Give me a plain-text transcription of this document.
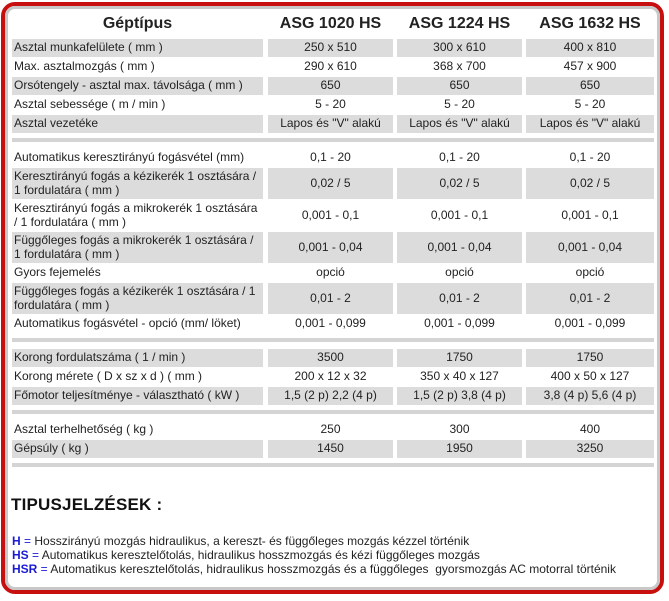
Géptípus	ASG 1020 HS	ASG 1224 HS	ASG 1632 HS
Asztal munkafelülete ( mm )	250 x 510	300 x 610	400 x 810
Max. asztalmozgás ( mm )	290 x 610	368 x 700	457 x 900
Orsótengely - asztal max. távolsága ( mm )	650	650	650
Asztal sebessége ( m / min )	5 - 20	5 - 20	5 - 20
Asztal vezetéke	Lapos és "V" alakú	Lapos és "V" alakú	Lapos és "V" alakú
Automatikus keresztirányú fogásvétel (mm)	0,1 - 20	0,1 - 20	0,1 - 20
Keresztirányú fogás a kézikerék 1 osztására / 1 fordulatára ( mm )	0,02 / 5	0,02 / 5	0,02 / 5
Keresztirányú fogás a mikrokerék 1 osztására / 1 fordulatára ( mm )	0,001 - 0,1	0,001 - 0,1	0,001 - 0,1
Függőleges fogás a mikrokerék 1 osztására / 1 fordulatára ( mm )	0,001 - 0,04	0,001 - 0,04	0,001 - 0,04
Gyors fejemelés	opció	opció	opció
Függőleges fogás a kézikerék 1 osztására / 1 fordulatára ( mm )	0,01 - 2	0,01 - 2	0,01 - 2
Automatikus fogásvétel - opció (mm/ löket)	0,001 - 0,099	0,001 - 0,099	0,001 - 0,099
Korong fordulatszáma ( 1 / min )	3500	1750	1750
Korong mérete ( D x sz x d ) ( mm )	200 x 12 x 32	350 x 40 x 127	400 x 50 x 127
Főmotor teljesítménye - választható ( kW )	1,5 (2 p) 2,2 (4 p)	1,5 (2 p) 3,8 (4 p)	3,8 (4 p) 5,6 (4 p)
Asztal terhelhetőség ( kg )	250	300	400
Gépsúly ( kg )	1450	1950	3250
TIPUSJELZÉSEK :
H = Hosszirányú mozgás hidraulikus, a kereszt- és függőleges mozgás kézzel történik
HS = Automatikus keresztelőtolás, hidraulikus hosszmozgás és kézi függőleges mozgás
HSR = Automatikus keresztelőtolás, hidraulikus hosszmozgás és a függőleges  gyorsmozgás AC motorral történik
